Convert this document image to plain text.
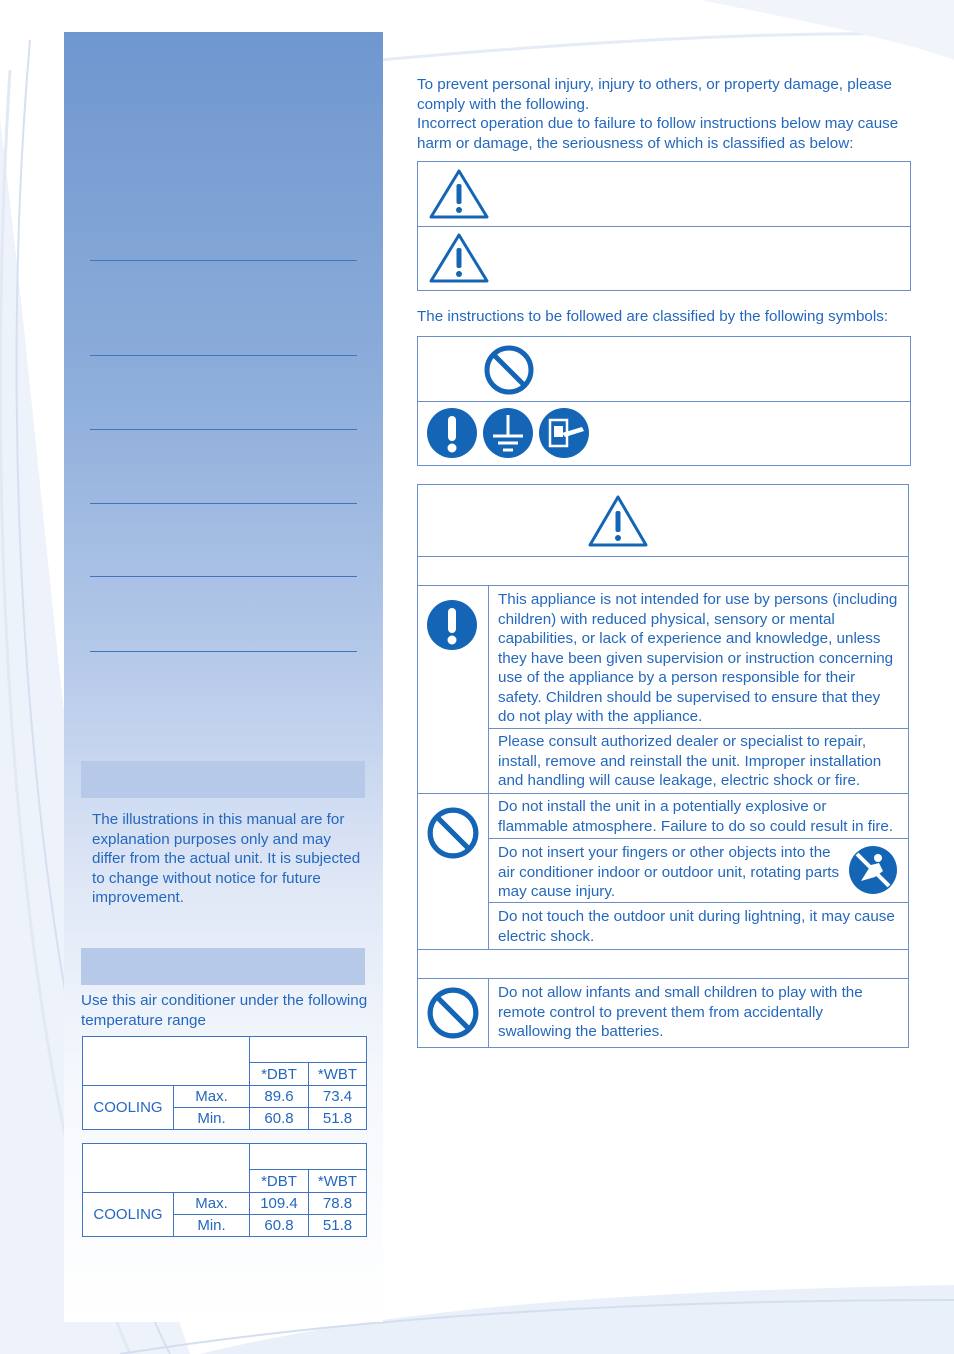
The illustrations in this manual are for explanation purposes only and may differ from the actual unit. It is subjected to change without notice for future improvement.
Use this air conditioner under the following temperature range

		*DBT	*WBT
COOLING	Max.	89.6	73.4
	Min.	60.8	51.8

		*DBT	*WBT
COOLING	Max.	109.4	78.8
	Min.	60.8	51.8

To prevent personal injury, injury to others, or property damage, please comply with the following.

Incorrect operation due to failure to follow instructions below may cause harm or damage, the seriousness of which is classified as below:

The instructions to be followed are classified by the following symbols:
This appliance is not intended for use by persons (including children) with reduced physical, sensory or mental capabilities, or lack of experience and knowledge, unless they have been given supervision or instruction concerning use of the appliance by a person responsible for their safety. Children should be supervised to ensure that they do not play with the appliance.
Please consult authorized dealer or specialist to repair, install, remove and reinstall the unit. Improper installation and handling will cause leakage, electric shock or fire.
Do not install the unit in a potentially explosive or flammable atmosphere. Failure to do so could result in fire.
Do not insert your fingers or other objects into the air conditioner indoor or outdoor unit, rotating parts may cause injury.
Do not touch the outdoor unit during lightning, it may cause electric shock.
Do not allow infants and small children to play with the remote control to prevent them from accidentally swallowing the batteries.
